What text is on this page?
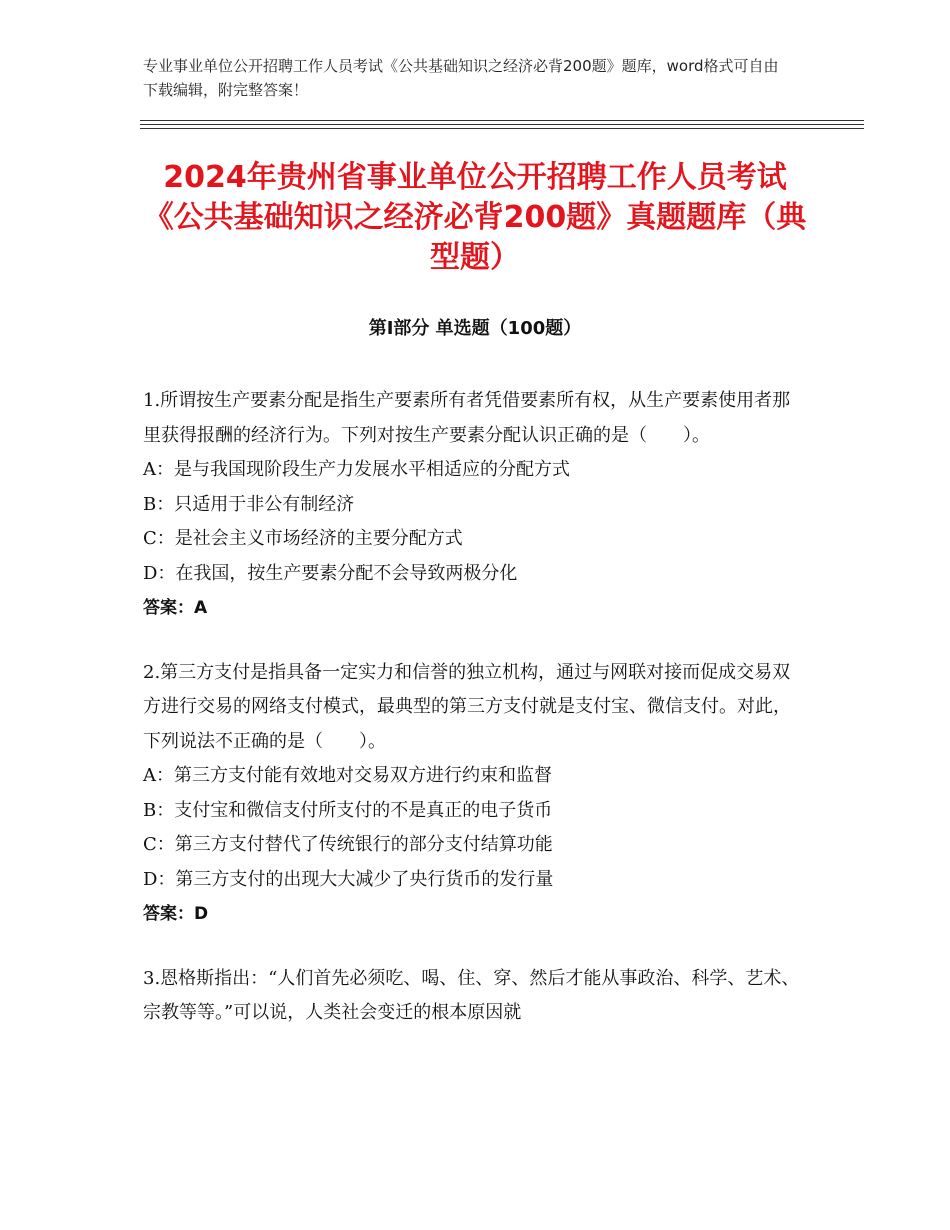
专业事业单位公开招聘工作人员考试《公共基础知识之经济必背200题》题库，word格式可自由下载编辑，附完整答案！
2024年贵州省事业单位公开招聘工作人员考试《公共基础知识之经济必背200题》真题题库（典型题）
第I部分 单选题（100题）
1.所谓按生产要素分配是指生产要素所有者凭借要素所有权，从生产要素使用者那里获得报酬的经济行为。下列对按生产要素分配认识正确的是（　　）。
A：是与我国现阶段生产力发展水平相适应的分配方式
B：只适用于非公有制经济
C：是社会主义市场经济的主要分配方式
D：在我国，按生产要素分配不会导致两极分化
答案：A
2.第三方支付是指具备一定实力和信誉的独立机构，通过与网联对接而促成交易双方进行交易的网络支付模式，最典型的第三方支付就是支付宝、微信支付。对此，下列说法不正确的是（　　）。
A：第三方支付能有效地对交易双方进行约束和监督
B：支付宝和微信支付所支付的不是真正的电子货币
C：第三方支付替代了传统银行的部分支付结算功能
D：第三方支付的出现大大减少了央行货币的发行量
答案：D
3.恩格斯指出：“人们首先必须吃、喝、住、穿、然后才能从事政治、科学、艺术、宗教等等。”可以说，人类社会变迁的根本原因就
